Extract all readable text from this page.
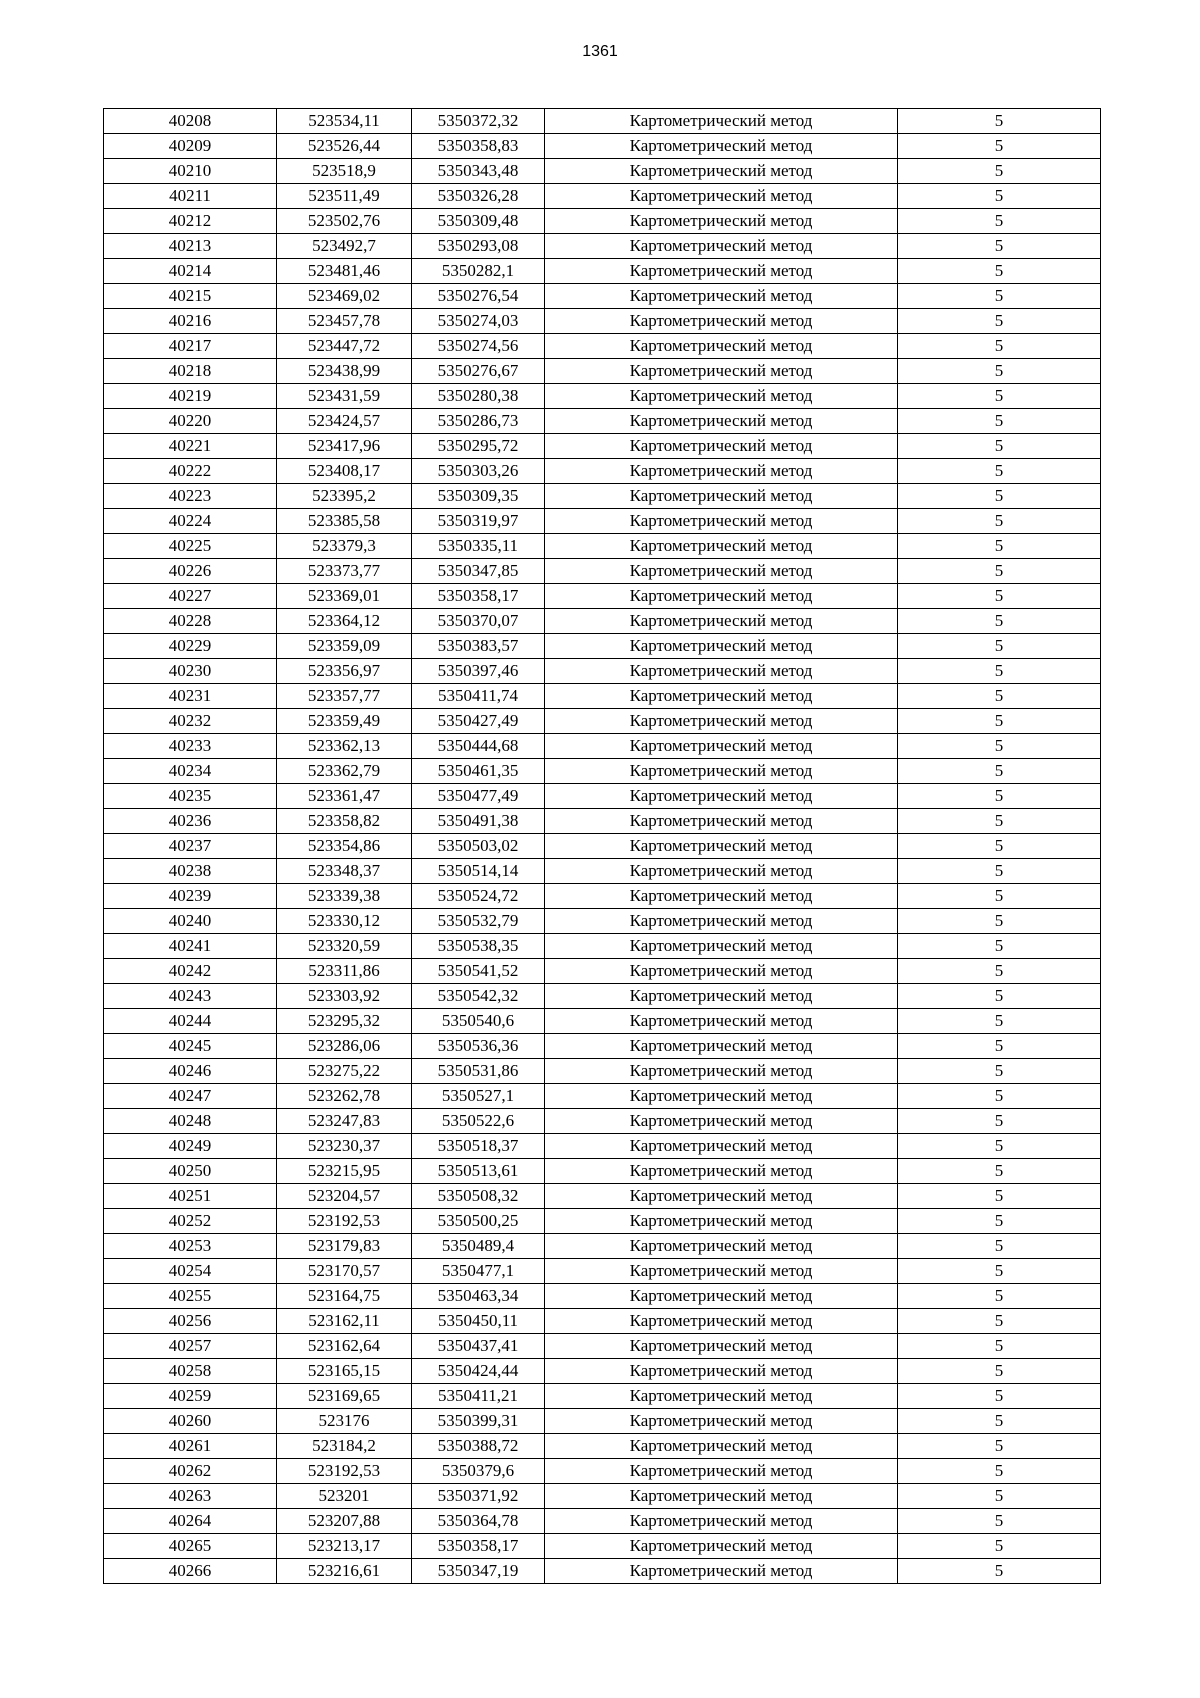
1361
40208	523534,11	5350372,32	Картометрический метод	5
40209	523526,44	5350358,83	Картометрический метод	5
40210	523518,9	5350343,48	Картометрический метод	5
40211	523511,49	5350326,28	Картометрический метод	5
40212	523502,76	5350309,48	Картометрический метод	5
40213	523492,7	5350293,08	Картометрический метод	5
40214	523481,46	5350282,1	Картометрический метод	5
40215	523469,02	5350276,54	Картометрический метод	5
40216	523457,78	5350274,03	Картометрический метод	5
40217	523447,72	5350274,56	Картометрический метод	5
40218	523438,99	5350276,67	Картометрический метод	5
40219	523431,59	5350280,38	Картометрический метод	5
40220	523424,57	5350286,73	Картометрический метод	5
40221	523417,96	5350295,72	Картометрический метод	5
40222	523408,17	5350303,26	Картометрический метод	5
40223	523395,2	5350309,35	Картометрический метод	5
40224	523385,58	5350319,97	Картометрический метод	5
40225	523379,3	5350335,11	Картометрический метод	5
40226	523373,77	5350347,85	Картометрический метод	5
40227	523369,01	5350358,17	Картометрический метод	5
40228	523364,12	5350370,07	Картометрический метод	5
40229	523359,09	5350383,57	Картометрический метод	5
40230	523356,97	5350397,46	Картометрический метод	5
40231	523357,77	5350411,74	Картометрический метод	5
40232	523359,49	5350427,49	Картометрический метод	5
40233	523362,13	5350444,68	Картометрический метод	5
40234	523362,79	5350461,35	Картометрический метод	5
40235	523361,47	5350477,49	Картометрический метод	5
40236	523358,82	5350491,38	Картометрический метод	5
40237	523354,86	5350503,02	Картометрический метод	5
40238	523348,37	5350514,14	Картометрический метод	5
40239	523339,38	5350524,72	Картометрический метод	5
40240	523330,12	5350532,79	Картометрический метод	5
40241	523320,59	5350538,35	Картометрический метод	5
40242	523311,86	5350541,52	Картометрический метод	5
40243	523303,92	5350542,32	Картометрический метод	5
40244	523295,32	5350540,6	Картометрический метод	5
40245	523286,06	5350536,36	Картометрический метод	5
40246	523275,22	5350531,86	Картометрический метод	5
40247	523262,78	5350527,1	Картометрический метод	5
40248	523247,83	5350522,6	Картометрический метод	5
40249	523230,37	5350518,37	Картометрический метод	5
40250	523215,95	5350513,61	Картометрический метод	5
40251	523204,57	5350508,32	Картометрический метод	5
40252	523192,53	5350500,25	Картометрический метод	5
40253	523179,83	5350489,4	Картометрический метод	5
40254	523170,57	5350477,1	Картометрический метод	5
40255	523164,75	5350463,34	Картометрический метод	5
40256	523162,11	5350450,11	Картометрический метод	5
40257	523162,64	5350437,41	Картометрический метод	5
40258	523165,15	5350424,44	Картометрический метод	5
40259	523169,65	5350411,21	Картометрический метод	5
40260	523176	5350399,31	Картометрический метод	5
40261	523184,2	5350388,72	Картометрический метод	5
40262	523192,53	5350379,6	Картометрический метод	5
40263	523201	5350371,92	Картометрический метод	5
40264	523207,88	5350364,78	Картометрический метод	5
40265	523213,17	5350358,17	Картометрический метод	5
40266	523216,61	5350347,19	Картометрический метод	5
